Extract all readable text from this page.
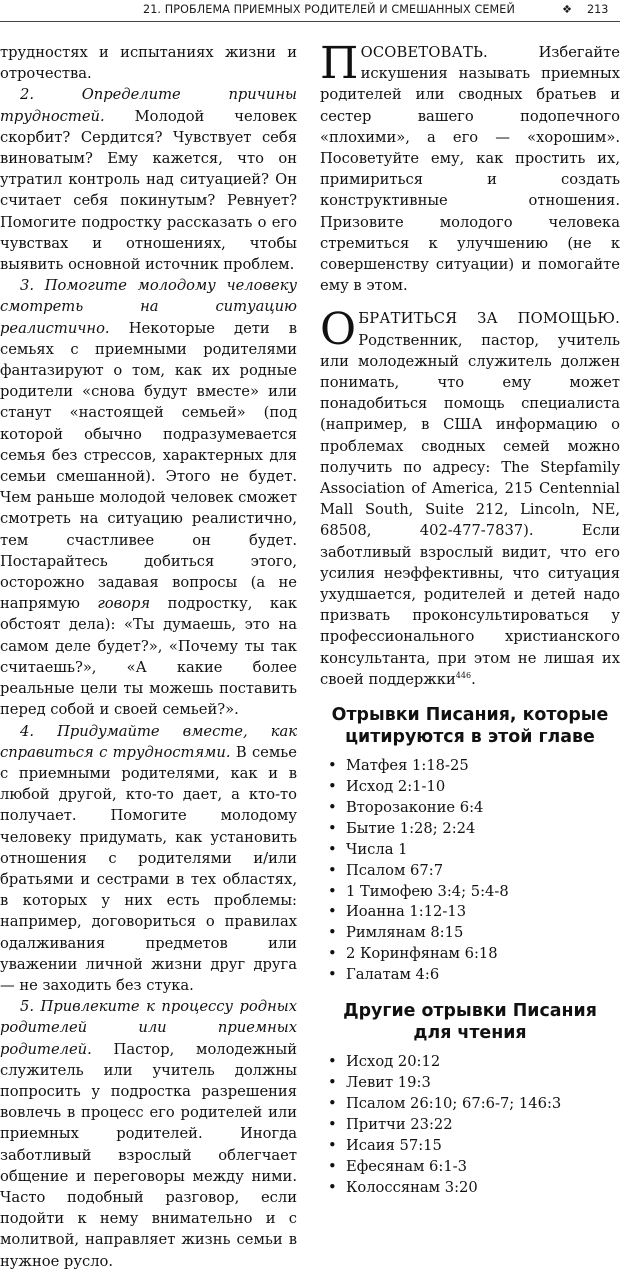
21. ПРОБЛЕМА ПРИЕМНЫХ РОДИТЕЛЕЙ И СМЕШАННЫХ СЕМЕЙ	❖ 213

трудностях и испытаниях жизни и отрочества.

2. Определите причины трудностей. Молодой человек скорбит? Сердится? Чувствует себя виноватым? Ему кажется, что он утратил контроль над ситуацией? Он считает себя покинутым? Ревнует? Помогите подростку рассказать о его чувствах и отношениях, чтобы выявить основной источник проблем.

3. Помогите молодому человеку смотреть на ситуацию реалистично. Некоторые дети в семьях с приемными родителями фантазируют о том, как их родные родители «снова будут вместе» или станут «настоящей семьей» (под которой обычно подразумевается семья без стрессов, характерных для семьи смешанной). Этого не будет. Чем раньше молодой человек сможет смотреть на ситуацию реалистично, тем счастливее он будет. Постарайтесь добиться этого, осторожно задавая вопросы (а не напрямую говоря подростку, как обстоят дела): «Ты думаешь, это на самом деле будет?», «Почему ты так считаешь?», «А какие более реальные цели ты можешь поставить перед собой и своей семьей?».

4. Придумайте вместе, как справиться с трудностями. В семье с приемными родителями, как и в любой другой, кто-то дает, а кто-то получает. Помогите молодому человеку придумать, как установить отношения с родителями и/или братьями и сестрами в тех областях, в которых у них есть проблемы: например, договориться о правилах одалживания предметов или уважении личной жизни друг друга — не заходить без стука.

5. Привлеките к процессу родных родителей или приемных родителей. Пастор, молодежный служитель или учитель должны попросить у подростка разрешения вовлечь в процесс его родителей или приемных родителей. Иногда заботливый взрослый облегчает общение и переговоры между ними. Часто подобный разговор, если подойти к нему внимательно и с молитвой, направляет жизнь семьи в нужное русло.

ПОСОВЕТОВАТЬ.	Избегайте искушения называть приемных родителей или сводных братьев и сестер вашего подопечного «плохими», а его — «хорошим». Посоветуйте ему, как простить их, примириться и создать конструктивные отношения. Призовите молодого человека стремиться к улучшению (не к совершенству ситуации) и помогайте ему в этом.

ОБРАТИТЬСЯ ЗА ПОМОЩЬЮ. Родственник, пастор, учитель или молодежный служитель должен понимать, что ему может понадобиться помощь специалиста (например, в США информацию о проблемах сводных семей можно получить по адресу: The Stepfamily Association of America, 215 Centennial Mall South, Suite 212, Lincoln, NE, 68508, 402-477-7837). Если заботливый взрослый видит, что его усилия неэффективны, что ситуация ухудшается, родителей и детей надо призвать проконсультироваться у профессионального христианского консультанта, при этом не лишая их своей поддержки$^{446}$.

Отрывки Писания, которые
цитируются в этой главе
• Матфея 1:18-25
• Исход 2:1-10
• Второзаконие 6:4
• Бытие 1:28; 2:24
• Числа 1
• Псалом 67:7
• 1 Тимофею 3:4; 5:4-8
• Иоанна 1:12-13
• Римлянам 8:15
• 2 Коринфянам 6:18
• Галатам 4:6
Другие отрывки Писания
для чтения
• Исход 20:12
• Левит 19:3
• Псалом 26:10; 67:6-7; 146:3
• Притчи 23:22
• Исаия 57:15
• Ефесянам 6:1-3
• Колоссянам 3:20
